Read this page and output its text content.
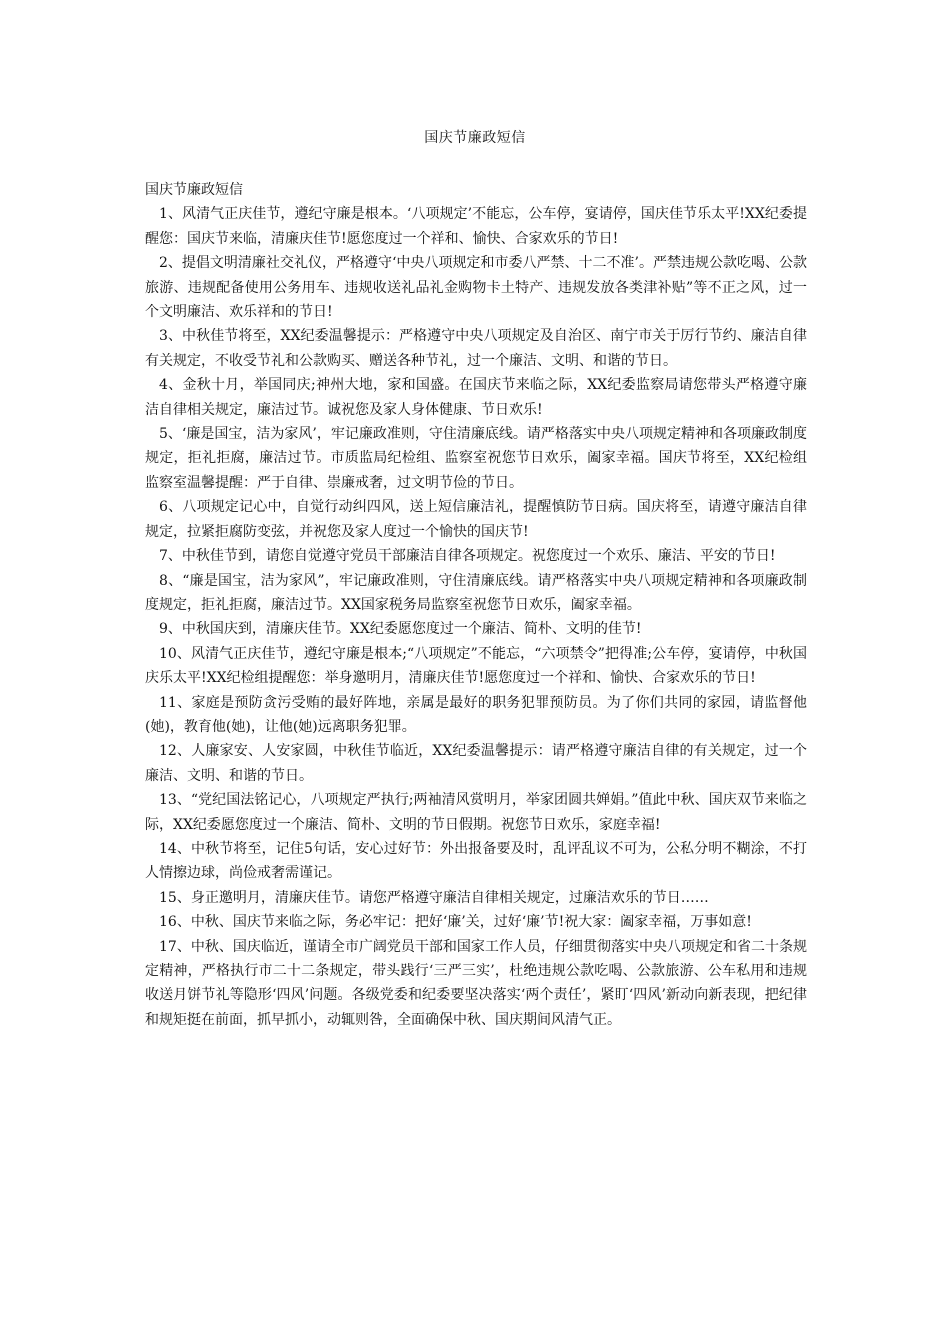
国庆节廉政短信

国庆节廉政短信

1、风清气正庆佳节，遵纪守廉是根本。‘八项规定’不能忘，公车停，宴请停，国庆佳节乐太平!XX纪委提醒您：国庆节来临，清廉庆佳节!愿您度过一个祥和、愉快、合家欢乐的节日!

2、提倡文明清廉社交礼仪，严格遵守‘中央八项规定和市委八严禁、十二不准’。严禁违规公款吃喝、公款旅游、违规配备使用公务用车、违规收送礼品礼金购物卡土特产、违规发放各类津补贴”等不正之风，过一个文明廉洁、欢乐祥和的节日!

3、中秋佳节将至，XX纪委温馨提示：严格遵守中央八项规定及自治区、南宁市关于厉行节约、廉洁自律有关规定，不收受节礼和公款购买、赠送各种节礼，过一个廉洁、文明、和谐的节日。

4、金秋十月，举国同庆;神州大地，家和国盛。在国庆节来临之际，XX纪委监察局请您带头严格遵守廉洁自律相关规定，廉洁过节。诚祝您及家人身体健康、节日欢乐!

5、‘廉是国宝，洁为家风’，牢记廉政准则，守住清廉底线。请严格落实中央八项规定精神和各项廉政制度规定，拒礼拒腐，廉洁过节。市质监局纪检组、监察室祝您节日欢乐，阖家幸福。国庆节将至，XX纪检组监察室温馨提醒：严于自律、崇廉戒奢，过文明节俭的节日。

6、八项规定记心中，自觉行动纠四风，送上短信廉洁礼，提醒慎防节日病。国庆将至，请遵守廉洁自律规定，拉紧拒腐防变弦，并祝您及家人度过一个愉快的国庆节!

7、中秋佳节到，请您自觉遵守党员干部廉洁自律各项规定。祝您度过一个欢乐、廉洁、平安的节日!

8、“廉是国宝，洁为家风”，牢记廉政准则，守住清廉底线。请严格落实中央八项规定精神和各项廉政制度规定，拒礼拒腐，廉洁过节。XX国家税务局监察室祝您节日欢乐，阖家幸福。

9、中秋国庆到，清廉庆佳节。XX纪委愿您度过一个廉洁、简朴、文明的佳节!

10、风清气正庆佳节，遵纪守廉是根本;“八项规定”不能忘，“六项禁令”把得准;公车停，宴请停，中秋国庆乐太平!XX纪检组提醒您：举身邀明月，清廉庆佳节!愿您度过一个祥和、愉快、合家欢乐的节日!

11、家庭是预防贪污受贿的最好阵地，亲属是最好的职务犯罪预防员。为了你们共同的家园，请监督他(她)，教育他(她)，让他(她)远离职务犯罪。

12、人廉家安、人安家圆，中秋佳节临近，XX纪委温馨提示：请严格遵守廉洁自律的有关规定，过一个廉洁、文明、和谐的节日。

13、“党纪国法铭记心，八项规定严执行;两袖清风赏明月，举家团圆共婵娟。”值此中秋、国庆双节来临之际，XX纪委愿您度过一个廉洁、简朴、文明的节日假期。祝您节日欢乐，家庭幸福!

14、中秋节将至，记住5句话，安心过好节：外出报备要及时，乱评乱议不可为，公私分明不糊涂，不打人情擦边球，尚俭戒奢需谨记。

15、身正邀明月，清廉庆佳节。请您严格遵守廉洁自律相关规定，过廉洁欢乐的节日……

16、中秋、国庆节来临之际，务必牢记：把好‘廉’关，过好‘廉’节!祝大家：阖家幸福，万事如意!

17、中秋、国庆临近，谨请全市广阔党员干部和国家工作人员，仔细贯彻落实中央八项规定和省二十条规定精神，严格执行市二十二条规定，带头践行‘三严三实’，杜绝违规公款吃喝、公款旅游、公车私用和违规收送月饼节礼等隐形‘四风’问题。各级党委和纪委要坚决落实‘两个责任’，紧盯‘四风’新动向新表现，把纪律和规矩挺在前面，抓早抓小，动辄则咎，全面确保中秋、国庆期间风清气正。
